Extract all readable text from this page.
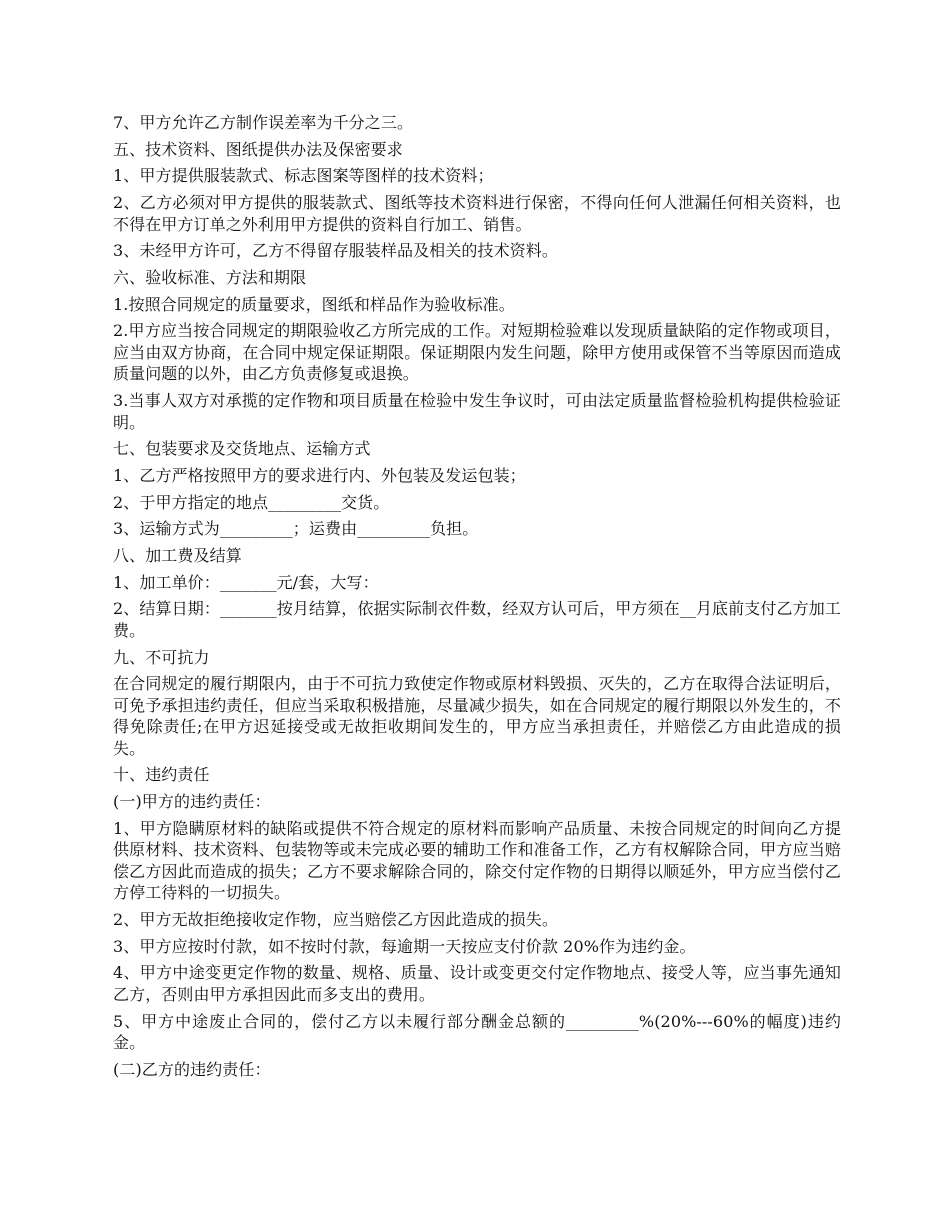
7、甲方允许乙方制作误差率为千分之三。

五、技术资料、图纸提供办法及保密要求

1、甲方提供服装款式、标志图案等图样的技术资料；

2、乙方必须对甲方提供的服装款式、图纸等技术资料进行保密，不得向任何人泄漏任何相关资料，也不得在甲方订单之外利用甲方提供的资料自行加工、销售。

3、未经甲方许可，乙方不得留存服装样品及相关的技术资料。

六、验收标准、方法和期限

1.按照合同规定的质量要求，图纸和样品作为验收标准。

2.甲方应当按合同规定的期限验收乙方所完成的工作。对短期检验难以发现质量缺陷的定作物或项目，应当由双方协商，在合同中规定保证期限。保证期限内发生问题，除甲方使用或保管不当等原因而造成质量问题的以外，由乙方负责修复或退换。

3.当事人双方对承揽的定作物和项目质量在检验中发生争议时，可由法定质量监督检验机构提供检验证明。

七、包装要求及交货地点、运输方式

1、乙方严格按照甲方的要求进行内、外包装及发运包装；

2、于甲方指定的地点_________交货。

3、运输方式为_________；运费由_________负担。

八、加工费及结算

1、加工单价：_______元/套，大写：

2、结算日期：_______按月结算，依据实际制衣件数，经双方认可后，甲方须在__月底前支付乙方加工费。

九、不可抗力

在合同规定的履行期限内，由于不可抗力致使定作物或原材料毁损、灭失的，乙方在取得合法证明后，可免予承担违约责任，但应当采取积极措施，尽量减少损失，如在合同规定的履行期限以外发生的，不得免除责任;在甲方迟延接受或无故拒收期间发生的，甲方应当承担责任，并赔偿乙方由此造成的损失。

十、违约责任

(一)甲方的违约责任：

1、甲方隐瞒原材料的缺陷或提供不符合规定的原材料而影响产品质量、未按合同规定的时间向乙方提供原材料、技术资料、包装物等或未完成必要的辅助工作和准备工作，乙方有权解除合同，甲方应当赔偿乙方因此而造成的损失；乙方不要求解除合同的，除交付定作物的日期得以顺延外，甲方应当偿付乙方停工待料的一切损失。

2、甲方无故拒绝接收定作物，应当赔偿乙方因此造成的损失。

3、甲方应按时付款，如不按时付款，每逾期一天按应支付价款 20%作为违约金。

4、甲方中途变更定作物的数量、规格、质量、设计或变更交付定作物地点、接受人等，应当事先通知乙方，否则由甲方承担因此而多支出的费用。

5、甲方中途废止合同的，偿付乙方以未履行部分酬金总额的_________%(20%---60%的幅度)违约金。

(二)乙方的违约责任：
